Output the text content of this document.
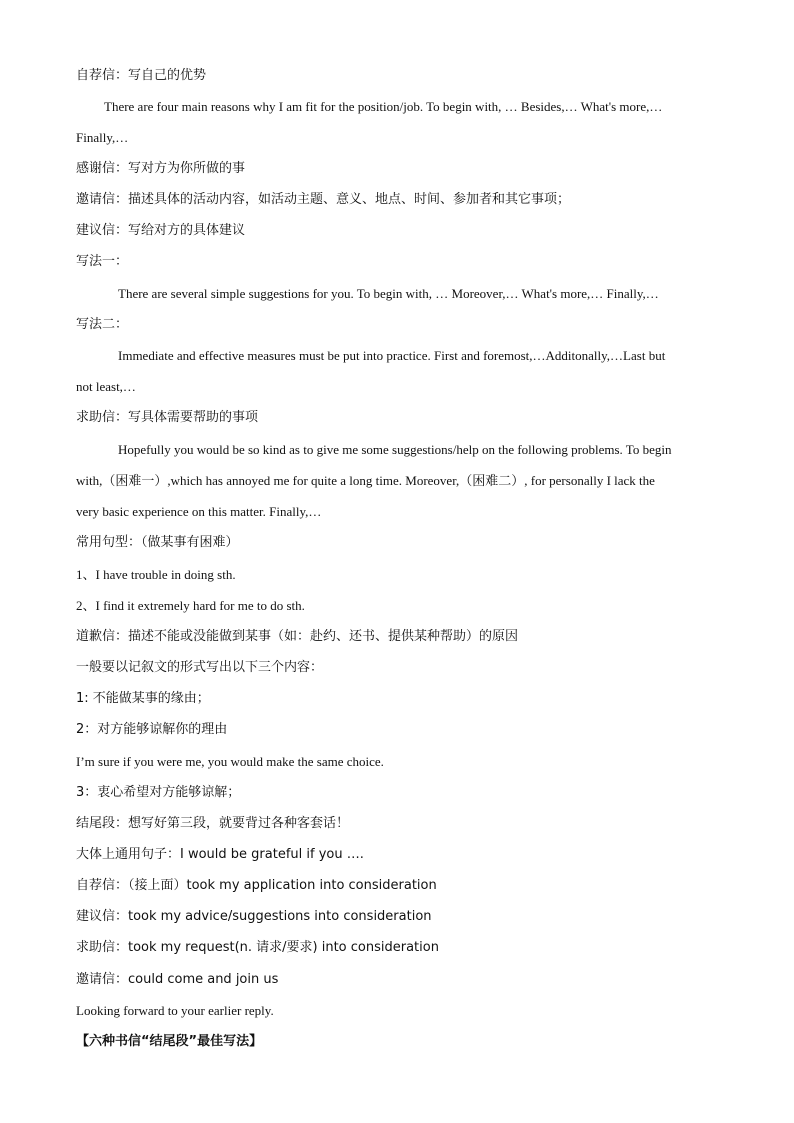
自荐信：写自己的优势
There are four main reasons why I am fit for the position/job. To begin with, … Besides,… What's more,…
Finally,…
感谢信：写对方为你所做的事
邀请信：描述具体的活动内容，如活动主题、意义、地点、时间、参加者和其它事项；
建议信：写给对方的具体建议
写法一：
There are several simple suggestions for you. To begin with, … Moreover,… What's more,… Finally,…
写法二：
Immediate and effective measures must be put into practice. First and foremost,…Additonally,…Last but
not least,…
求助信：写具体需要帮助的事项
Hopefully you would be so kind as to give me some suggestions/help on the following problems. To begin
with,（困难一）,which has annoyed me for quite a long time. Moreover,（困难二）, for personally I lack the
very basic experience on this matter. Finally,…
常用句型：（做某事有困难）
1、I have trouble in doing sth.
2、I find it extremely hard for me to do sth.
道歉信：描述不能或没能做到某事（如：赴约、还书、提供某种帮助）的原因
一般要以记叙文的形式写出以下三个内容：
1: 不能做某事的缘由；
2：对方能够谅解你的理由
I’m sure if you were me, you would make the same choice.
3：衷心希望对方能够谅解；
结尾段：想写好第三段，就要背过各种客套话！
大体上通用句子：I would be grateful if you ….
自荐信：（接上面）took my application into consideration
建议信：took my advice/suggestions into consideration
求助信：took my request(n. 请求/要求) into consideration
邀请信：could come and join us
Looking forward to your earlier reply.
【六种书信“结尾段”最佳写法】
